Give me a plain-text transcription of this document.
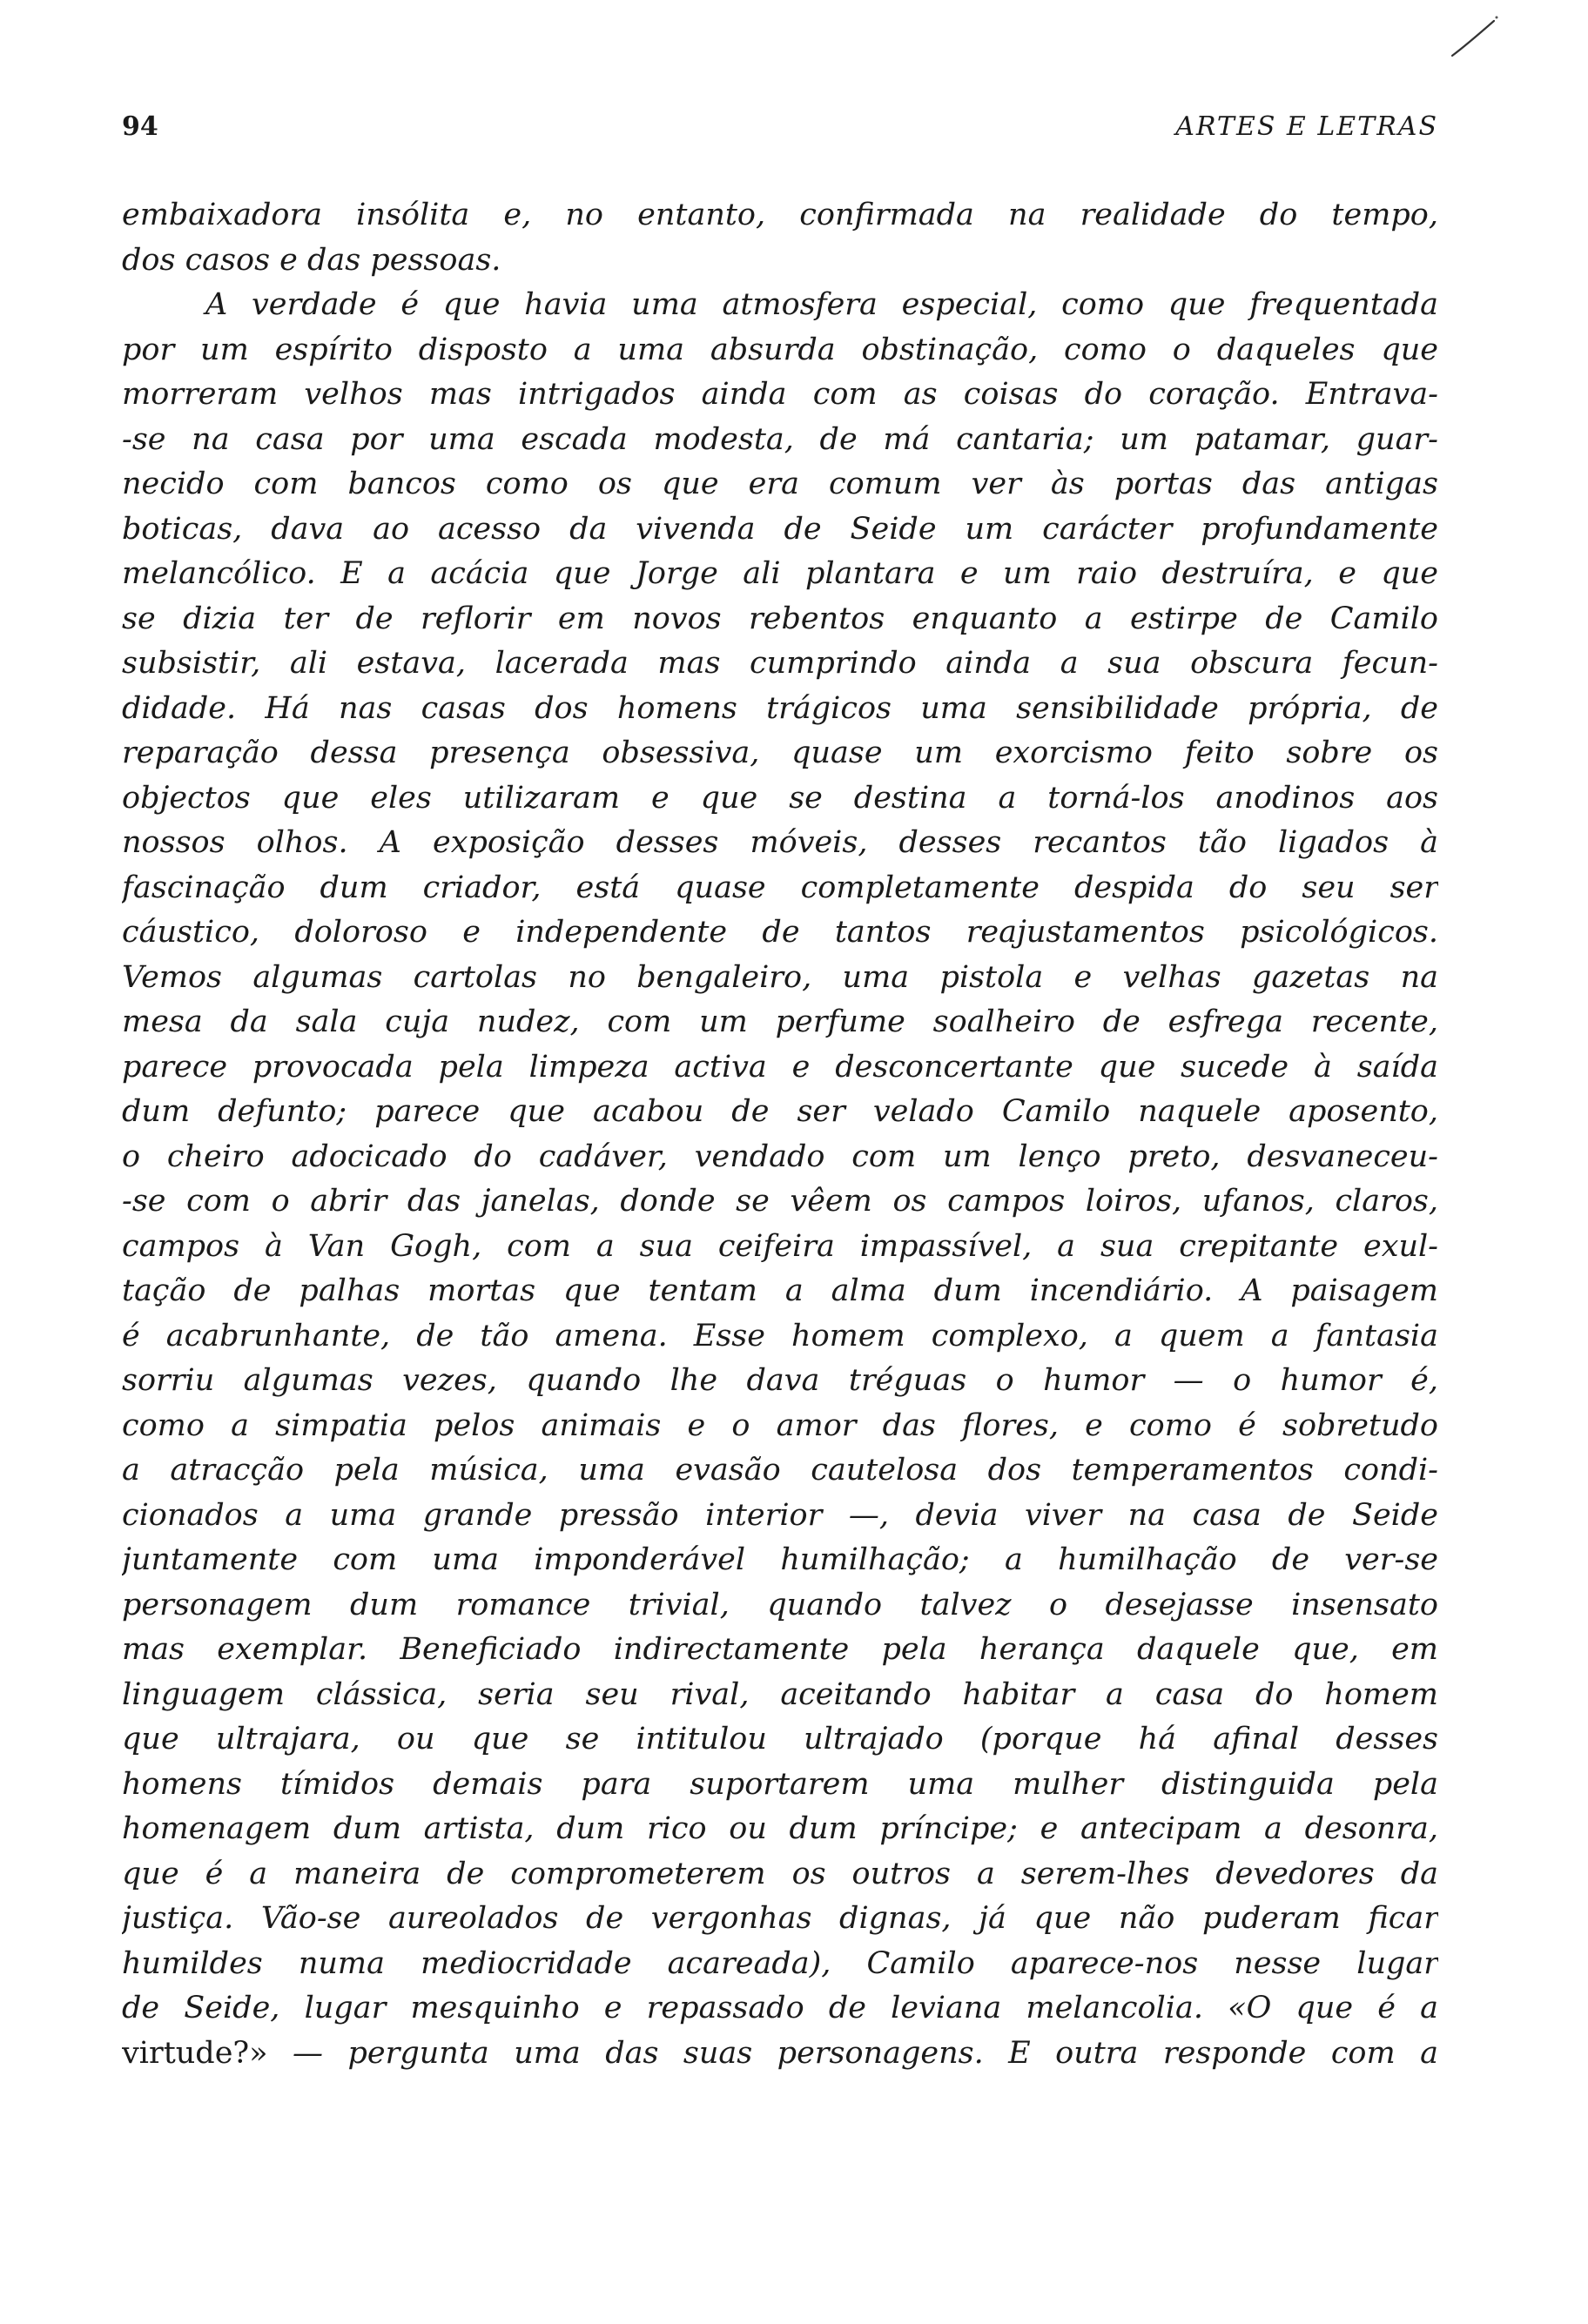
94	ARTES E LETRAS
embaixadora insólita e, no entanto, confirmada na realidade do tempo,
dos casos e das pessoas.
A verdade é que havia uma atmosfera especial, como que frequentada
por um espírito disposto a uma absurda obstinação, como o daqueles que
morreram velhos mas intrigados ainda com as coisas do coração. Entrava-
-se na casa por uma escada modesta, de má cantaria; um patamar, guar-
necido com bancos como os que era comum ver às portas das antigas
boticas, dava ao acesso da vivenda de Seide um carácter profundamente
melancólico. E a acácia que Jorge ali plantara e um raio destruíra, e que
se dizia ter de reflorir em novos rebentos enquanto a estirpe de Camilo
subsistir, ali estava, lacerada mas cumprindo ainda a sua obscura fecun-
didade. Há nas casas dos homens trágicos uma sensibilidade própria, de
reparação dessa presença obsessiva, quase um exorcismo feito sobre os
objectos que eles utilizaram e que se destina a torná-los anodinos aos
nossos olhos. A exposição desses móveis, desses recantos tão ligados à
fascinação dum criador, está quase completamente despida do seu ser
cáustico, doloroso e independente de tantos reajustamentos psicológicos.
Vemos algumas cartolas no bengaleiro, uma pistola e velhas gazetas na
mesa da sala cuja nudez, com um perfume soalheiro de esfrega recente,
parece provocada pela limpeza activa e desconcertante que sucede à saída
dum defunto; parece que acabou de ser velado Camilo naquele aposento,
o cheiro adocicado do cadáver, vendado com um lenço preto, desvaneceu-
-se com o abrir das janelas, donde se vêem os campos loiros, ufanos, claros,
campos à Van Gogh, com a sua ceifeira impassível, a sua crepitante exul-
tação de palhas mortas que tentam a alma dum incendiário. A paisagem
é acabrunhante, de tão amena. Esse homem complexo, a quem a fantasia
sorriu algumas vezes, quando lhe dava tréguas o humor — o humor é,
como a simpatia pelos animais e o amor das flores, e como é sobretudo
a atracção pela música, uma evasão cautelosa dos temperamentos condi-
cionados a uma grande pressão interior —, devia viver na casa de Seide
juntamente com uma imponderável humilhação; a humilhação de ver-se
personagem dum romance trivial, quando talvez o desejasse insensato
mas exemplar. Beneficiado indirectamente pela herança daquele que, em
linguagem clássica, seria seu rival, aceitando habitar a casa do homem
que ultrajara, ou que se intitulou ultrajado (porque há afinal desses
homens tímidos demais para suportarem uma mulher distinguida pela
homenagem dum artista, dum rico ou dum príncipe; e antecipam a desonra,
que é a maneira de comprometerem os outros a serem-lhes devedores da
justiça. Vão-se aureolados de vergonhas dignas, já que não puderam ficar
humildes numa mediocridade acareada), Camilo aparece-nos nesse lugar
de Seide, lugar mesquinho e repassado de leviana melancolia. «O que é a
virtude?» — pergunta uma das suas personagens. E outra responde com a
